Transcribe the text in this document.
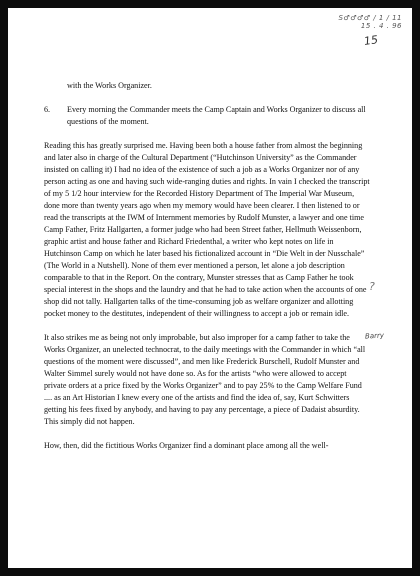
S♂♂♂♂ / 1 / 11
15 . 4 . 96
15
?
Barry

with the Works Organizer.

6. Every morning the Commander meets the Camp Captain and Works Organizer to discuss all questions of the moment.

Reading this has greatly surprised me. Having been both a house father from almost the beginning and later also in charge of the Cultural Department (“Hutchinson University” as the Commander insisted on calling it) I had no idea of the existence of such a job as a Works Organizer nor of any person acting as one and having such wide-ranging duties and rights. In vain I checked the transcript of my 5 1/2 hour interview for the Recorded History Department of The Imperial War Museum, done more than twenty years ago when my memory would have been clearer. I then listened to or read the transcripts at the IWM of Internment memories by Rudolf Munster, a lawyer and one time Camp Father, Fritz Hallgarten, a former judge who had been Street father, Hellmuth Weissenborn, graphic artist and house father and Richard Friedenthal, a writer who kept notes on life in Hutchinson Camp on which he later based his fictionalized account in “Die Welt in der Nusschale” (The World in a Nutshell). None of them ever mentioned a person, let alone a job description comparable to that in the Report. On the contrary, Munster stresses that as Camp Father he took special interest in the shops and the laundry and that he had to take action when the accounts of one shop did not tally. Hallgarten talks of the time-consuming job as welfare organizer and allotting pocket money to the destitutes, independent of their willingness to accept a job or remain idle.

It also strikes me as being not only improbable, but also improper for a camp father to take the Works Organizer, an unelected technocrat, to the daily meetings with the Commander in which “all questions of the moment were discussed”, and men like Frederick Burschell, Rudolf Munster and Walter Simmel surely would not have done so. As for the artists “who were allowed to accept private orders at a price fixed by the Works Organizer” and to pay 25% to the Camp Welfare Fund .... as an Art Historian I knew every one of the artists and find the idea of, say, Kurt Schwitters getting his fees fixed by anybody, and having to pay any percentage, a piece of Dadaist absurdity. This simply did not happen.

How, then, did the fictitious Works Organizer find a dominant place among all the well-
